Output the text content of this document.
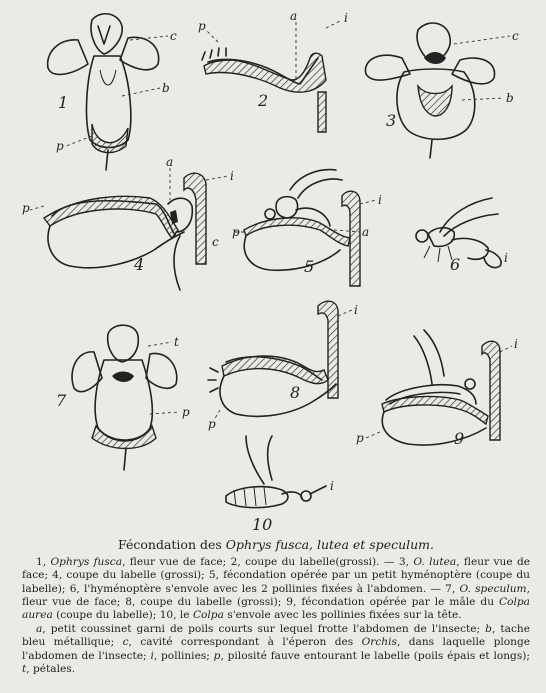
1	2
3
4	5	6
7	8
9
10
c
b
p
a	i
p
c
b
a
i
p
c
i
p	a
i
t
p
i
p
i
p
i
Fécondation des Ophrys fusca, lutea et speculum.

1, Ophrys fusca, fleur vue de face; 2, coupe du labelle(grossi). — 3, O. lutea, fleur vue de face; 4, coupe du labelle (grossi); 5, fécondation opérée par un petit hyménoptère (coupe du labelle); 6, l'hyménoptère s'envole avec les 2 pollinies fixées à l'abdomen. — 7, O. speculum, fleur vue de face; 8, coupe du labelle (grossi); 9, fécondation opérée par le mâle du Colpa aurea (coupe du labelle); 10, le Colpa s'envole avec les pollinies fixées sur la tête.

a, petit coussinet garni de poils courts sur lequel frotte l'abdomen de l'insecte; b, tache bleu métallique; c, cavité correspondant à l'éperon des Orchis, dans laquelle plonge l'abdomen de l'insecte; i, pollinies; p, pilosité fauve entourant le labelle (poils épais et longs); t, pétales.
